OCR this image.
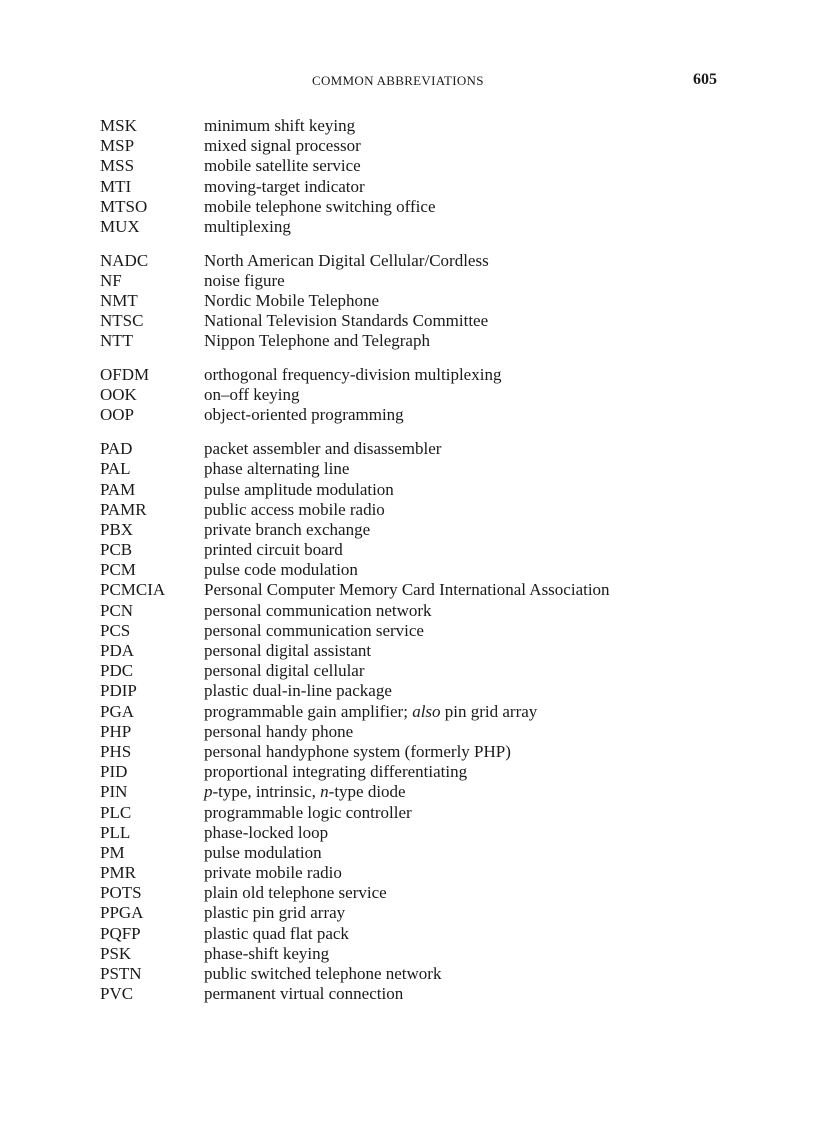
COMMON ABBREVIATIONS	605
MSK	minimum shift keying
MSP	mixed signal processor
MSS	mobile satellite service
MTI	moving-target indicator
MTSO	mobile telephone switching office
MUX	multiplexing
NADC	North American Digital Cellular/Cordless
NF	noise figure
NMT	Nordic Mobile Telephone
NTSC	National Television Standards Committee
NTT	Nippon Telephone and Telegraph
OFDM	orthogonal frequency-division multiplexing
OOK	on–off keying
OOP	object-oriented programming
PAD	packet assembler and disassembler
PAL	phase alternating line
PAM	pulse amplitude modulation
PAMR	public access mobile radio
PBX	private branch exchange
PCB	printed circuit board
PCM	pulse code modulation
PCMCIA	Personal Computer Memory Card International Association
PCN	personal communication network
PCS	personal communication service
PDA	personal digital assistant
PDC	personal digital cellular
PDIP	plastic dual-in-line package
PGA	programmable gain amplifier; also pin grid array
PHP	personal handy phone
PHS	personal handyphone system (formerly PHP)
PID	proportional integrating differentiating
PIN	p-type, intrinsic, n-type diode
PLC	programmable logic controller
PLL	phase-locked loop
PM	pulse modulation
PMR	private mobile radio
POTS	plain old telephone service
PPGA	plastic pin grid array
PQFP	plastic quad flat pack
PSK	phase-shift keying
PSTN	public switched telephone network
PVC	permanent virtual connection
